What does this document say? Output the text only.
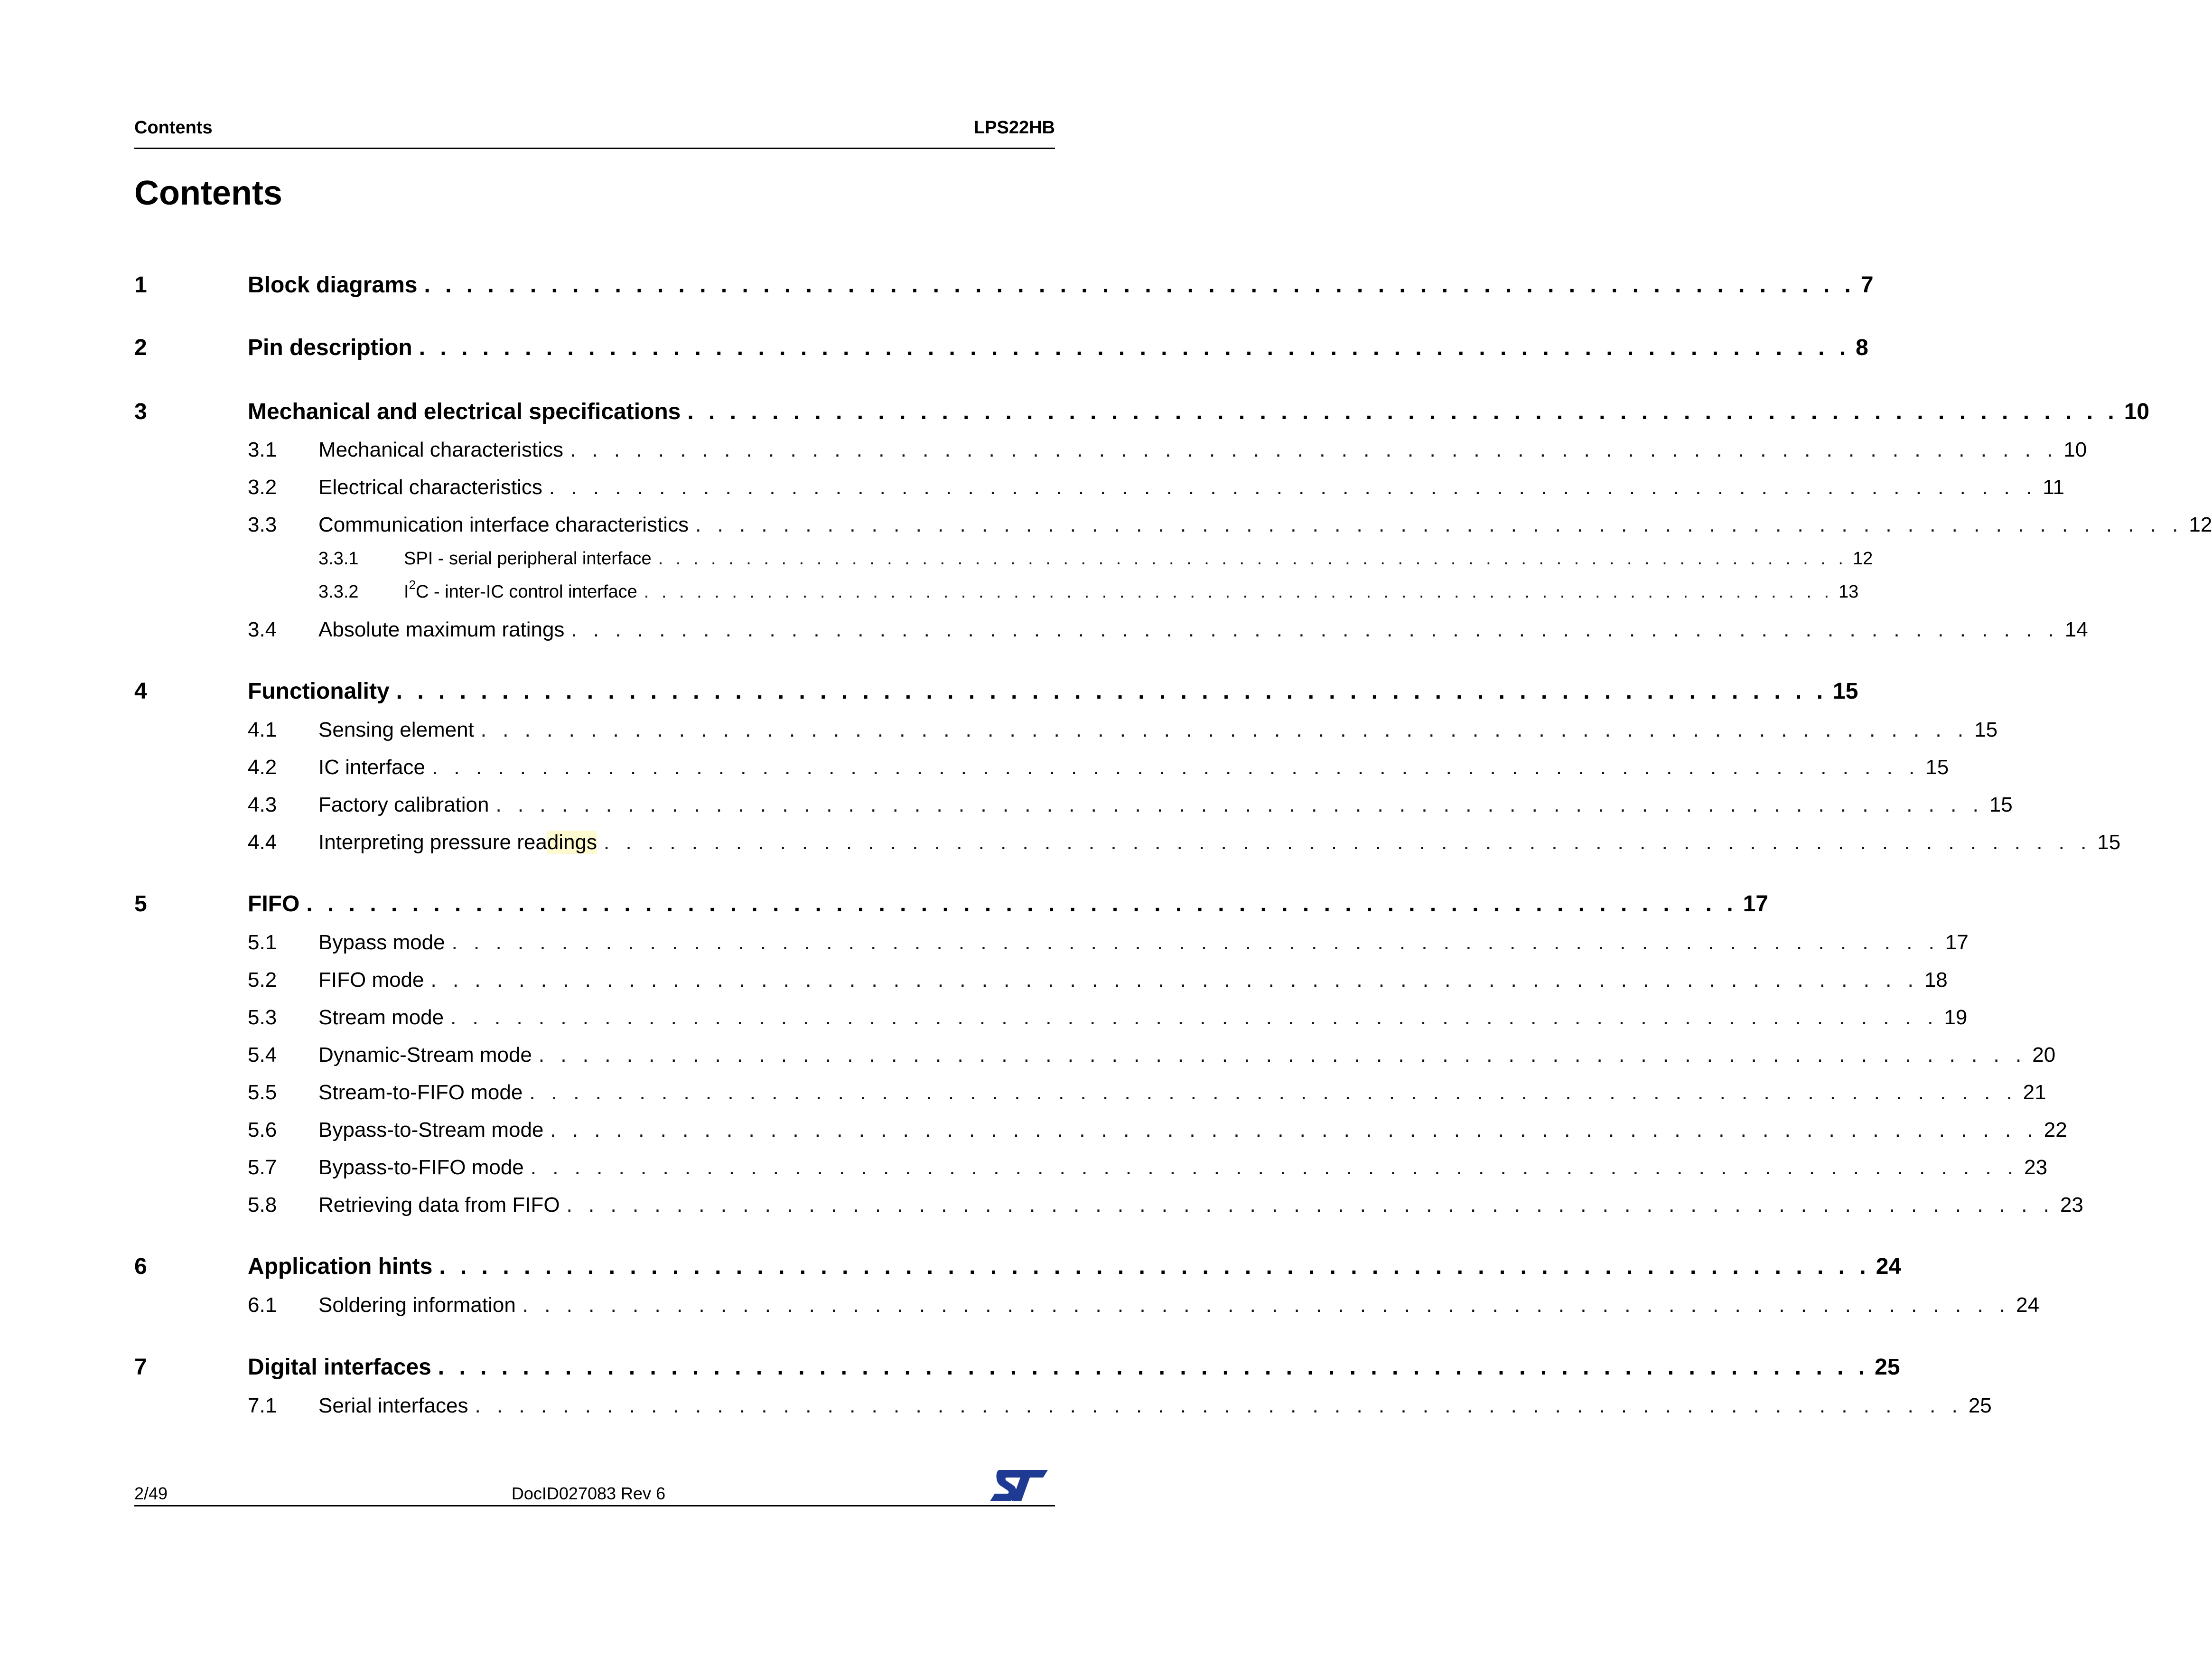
Contents	LPS22HB
Contents
1	Block diagrams . . . . . . . . . . . . . . . . . . . . . . . . . . . . . . . . . . . . . . . . . . . . . . . . . . . . . . . . . . . . . . . . . . . . 7
2	Pin description . . . . . . . . . . . . . . . . . . . . . . . . . . . . . . . . . . . . . . . . . . . . . . . . . . . . . . . . . . . . . . . . . . . . 8
3	Mechanical and electrical specifications . . . . . . . . . . . . . . . . . . . . . . . . . . . . . . . . . . . . . . . . . . . . . . . . . . . . . . . . . . . . . . . . . . . . 10
3.1 Mechanical characteristics . . . . . . . . . . . . . . . . . . . . . . . . . . . . . . . . . . . . . . . . . . . . . . . . . . . . . . . . . . . . . . . . . . . . 10
3.2 Electrical characteristics . . . . . . . . . . . . . . . . . . . . . . . . . . . . . . . . . . . . . . . . . . . . . . . . . . . . . . . . . . . . . . . . . . . . 11
3.3 Communication interface characteristics . . . . . . . . . . . . . . . . . . . . . . . . . . . . . . . . . . . . . . . . . . . . . . . . . . . . . . . . . . . . . . . . . . . . 12
3.3.1	SPI - serial peripheral interface . . . . . . . . . . . . . . . . . . . . . . . . . . . . . . . . . . . . . . . . . . . . . . . . . . . . . . . . . . . . . . . . . . . . 12
3.3.2	$I^2C$ - inter-IC control interface . . . . . . . . . . . . . . . . . . . . . . . . . . . . . . . . . . . . . . . . . . . . . . . . . . . . . . . . . . . . . . . . . . . . 13
3.4 Absolute maximum ratings . . . . . . . . . . . . . . . . . . . . . . . . . . . . . . . . . . . . . . . . . . . . . . . . . . . . . . . . . . . . . . . . . . . . 14
4	Functionality . . . . . . . . . . . . . . . . . . . . . . . . . . . . . . . . . . . . . . . . . . . . . . . . . . . . . . . . . . . . . . . . . . . . 15
4.1 Sensing element . . . . . . . . . . . . . . . . . . . . . . . . . . . . . . . . . . . . . . . . . . . . . . . . . . . . . . . . . . . . . . . . . . . . 15
4.2 IC interface . . . . . . . . . . . . . . . . . . . . . . . . . . . . . . . . . . . . . . . . . . . . . . . . . . . . . . . . . . . . . . . . . . . . 15
4.3 Factory calibration . . . . . . . . . . . . . . . . . . . . . . . . . . . . . . . . . . . . . . . . . . . . . . . . . . . . . . . . . . . . . . . . . . . . 15
4.4 Interpreting pressure readings . . . . . . . . . . . . . . . . . . . . . . . . . . . . . . . . . . . . . . . . . . . . . . . . . . . . . . . . . . . . . . . . . . . . 15
5	FIFO . . . . . . . . . . . . . . . . . . . . . . . . . . . . . . . . . . . . . . . . . . . . . . . . . . . . . . . . . . . . . . . . . . . . 17
5.1 Bypass mode . . . . . . . . . . . . . . . . . . . . . . . . . . . . . . . . . . . . . . . . . . . . . . . . . . . . . . . . . . . . . . . . . . . . 17
5.2 FIFO mode . . . . . . . . . . . . . . . . . . . . . . . . . . . . . . . . . . . . . . . . . . . . . . . . . . . . . . . . . . . . . . . . . . . . 18
5.3 Stream mode . . . . . . . . . . . . . . . . . . . . . . . . . . . . . . . . . . . . . . . . . . . . . . . . . . . . . . . . . . . . . . . . . . . . 19
5.4 Dynamic-Stream mode . . . . . . . . . . . . . . . . . . . . . . . . . . . . . . . . . . . . . . . . . . . . . . . . . . . . . . . . . . . . . . . . . . . . 20
5.5 Stream-to-FIFO mode . . . . . . . . . . . . . . . . . . . . . . . . . . . . . . . . . . . . . . . . . . . . . . . . . . . . . . . . . . . . . . . . . . . . 21
5.6 Bypass-to-Stream mode . . . . . . . . . . . . . . . . . . . . . . . . . . . . . . . . . . . . . . . . . . . . . . . . . . . . . . . . . . . . . . . . . . . . 22
5.7 Bypass-to-FIFO mode . . . . . . . . . . . . . . . . . . . . . . . . . . . . . . . . . . . . . . . . . . . . . . . . . . . . . . . . . . . . . . . . . . . . 23
5.8 Retrieving data from FIFO . . . . . . . . . . . . . . . . . . . . . . . . . . . . . . . . . . . . . . . . . . . . . . . . . . . . . . . . . . . . . . . . . . . . 23
6	Application hints . . . . . . . . . . . . . . . . . . . . . . . . . . . . . . . . . . . . . . . . . . . . . . . . . . . . . . . . . . . . . . . . . . . . 24
6.1 Soldering information . . . . . . . . . . . . . . . . . . . . . . . . . . . . . . . . . . . . . . . . . . . . . . . . . . . . . . . . . . . . . . . . . . . . 24
7	Digital interfaces . . . . . . . . . . . . . . . . . . . . . . . . . . . . . . . . . . . . . . . . . . . . . . . . . . . . . . . . . . . . . . . . . . . . 25
7.1 Serial interfaces . . . . . . . . . . . . . . . . . . . . . . . . . . . . . . . . . . . . . . . . . . . . . . . . . . . . . . . . . . . . . . . . . . . . 25
2/49	DocID027083 Rev 6
